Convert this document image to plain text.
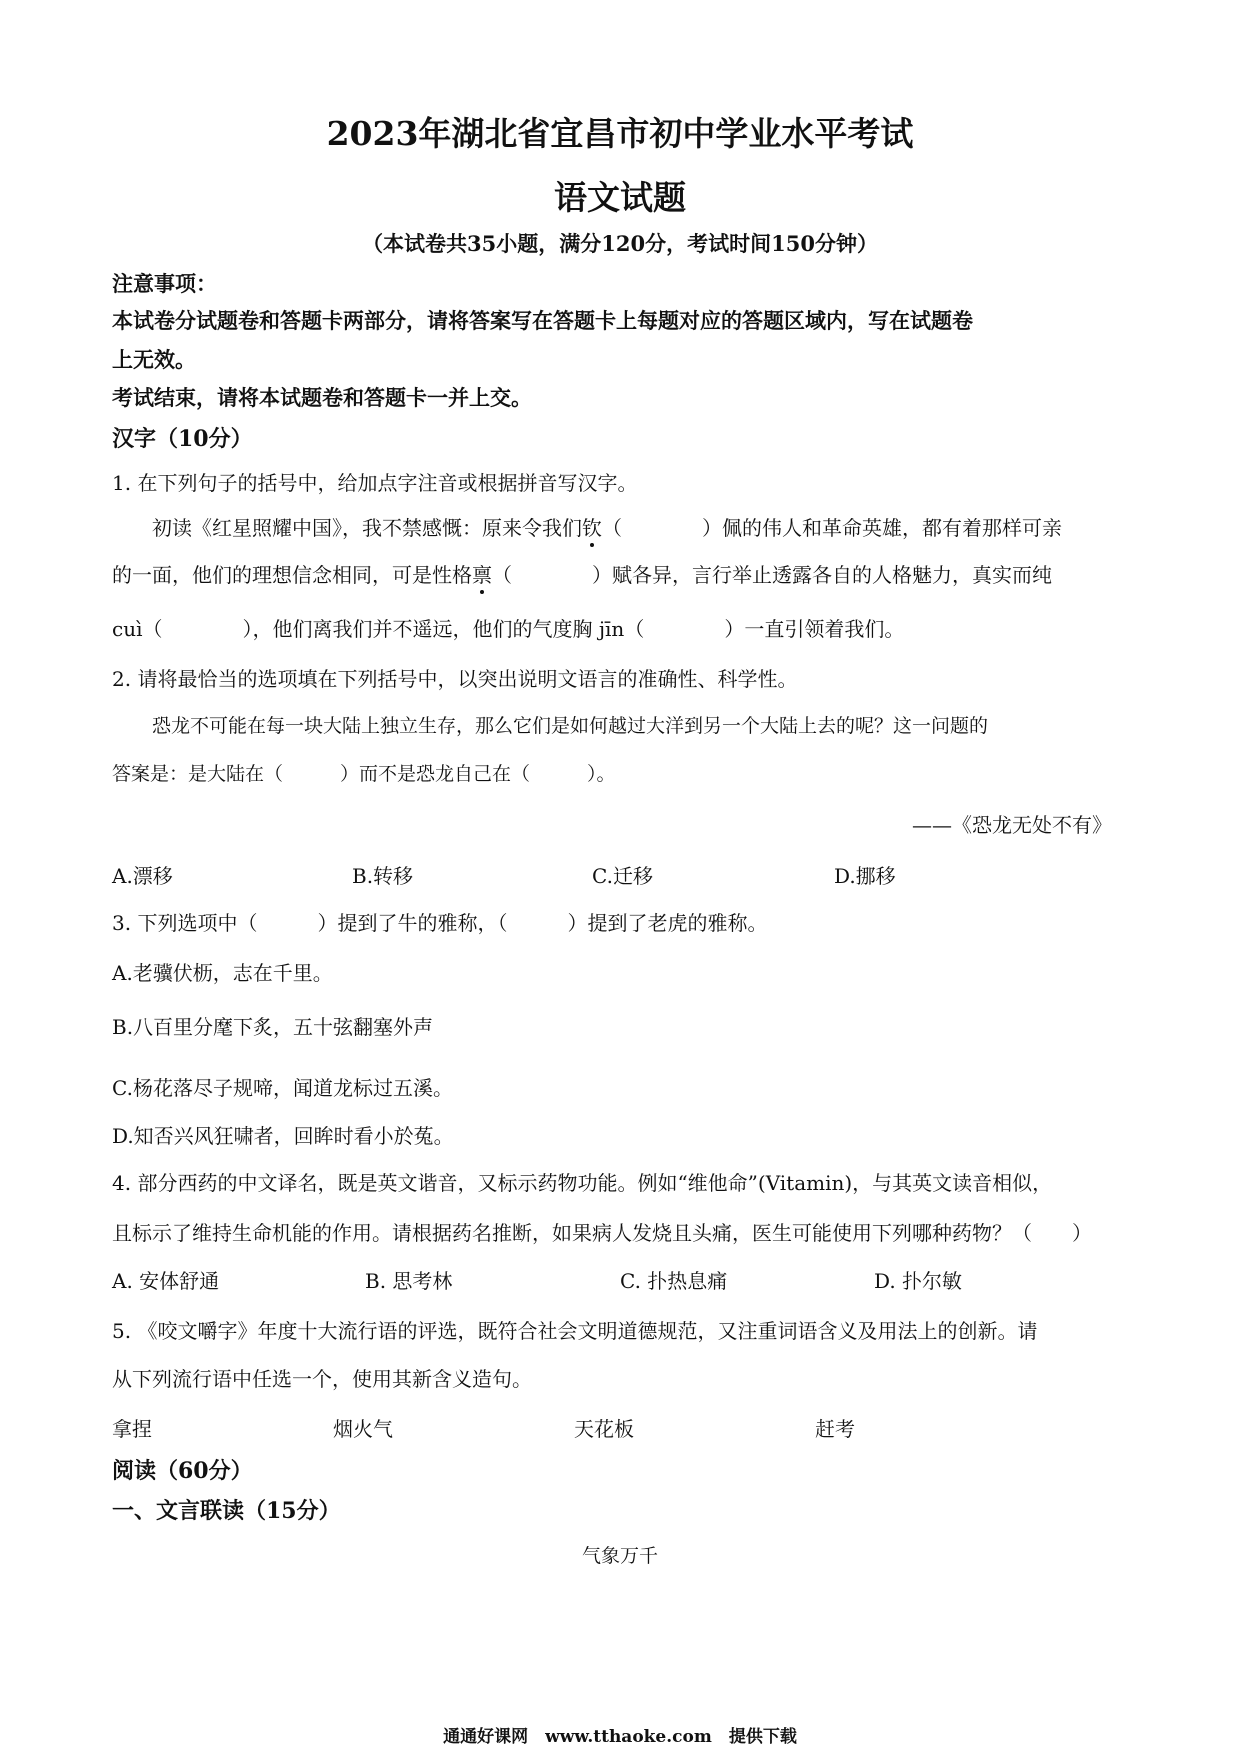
2023年湖北省宜昌市初中学业水平考试
语文试题
（本试卷共35小题，满分120分，考试时间150分钟）
注意事项：
本试卷分试题卷和答题卡两部分，请将答案写在答题卡上每题对应的答题区域内，写在试题卷
上无效。
考试结束，请将本试题卷和答题卡一并上交。
汉字（10分）
1. 在下列句子的括号中，给加点字注音或根据拼音写汉字。
初读《红星照耀中国》，我不禁感慨：原来令我们钦（　　　　）佩的伟人和革命英雄，都有着那样可亲
的一面，他们的理想信念相同，可是性格禀（　　　　）赋各异，言行举止透露各自的人格魅力，真实而纯
cuì（　　　　），他们离我们并不遥远，他们的气度胸 jīn（　　　　）一直引领着我们。
2. 请将最恰当的选项填在下列括号中，以突出说明文语言的准确性、科学性。
恐龙不可能在每一块大陆上独立生存，那么它们是如何越过大洋到另一个大陆上去的呢？这一问题的
答案是：是大陆在（　　　）而不是恐龙自己在（　　　）。
——《恐龙无处不有》
A.漂移	B.转移	C.迁移	D.挪移
3. 下列选项中（　　　）提到了牛的雅称，（　　　）提到了老虎的雅称。
A.老骥伏枥，志在千里。
B.八百里分麾下炙，五十弦翻塞外声
C.杨花落尽子规啼，闻道龙标过五溪。
D.知否兴风狂啸者，回眸时看小於菟。
4. 部分西药的中文译名，既是英文谐音，又标示药物功能。例如“维他命”(Vitamin)，与其英文读音相似，
且标示了维持生命机能的作用。请根据药名推断，如果病人发烧且头痛，医生可能使用下列哪种药物？（　　）
A. 安体舒通	B. 思考林	C. 扑热息痛	D. 扑尔敏
5. 《咬文嚼字》年度十大流行语的评选，既符合社会文明道德规范，又注重词语含义及用法上的创新。请
从下列流行语中任选一个，使用其新含义造句。
拿捏	烟火气	天花板	赶考
阅读（60分）
一、文言联读（15分）
气象万千
通通好课网　www.tthaoke.com　提供下载
